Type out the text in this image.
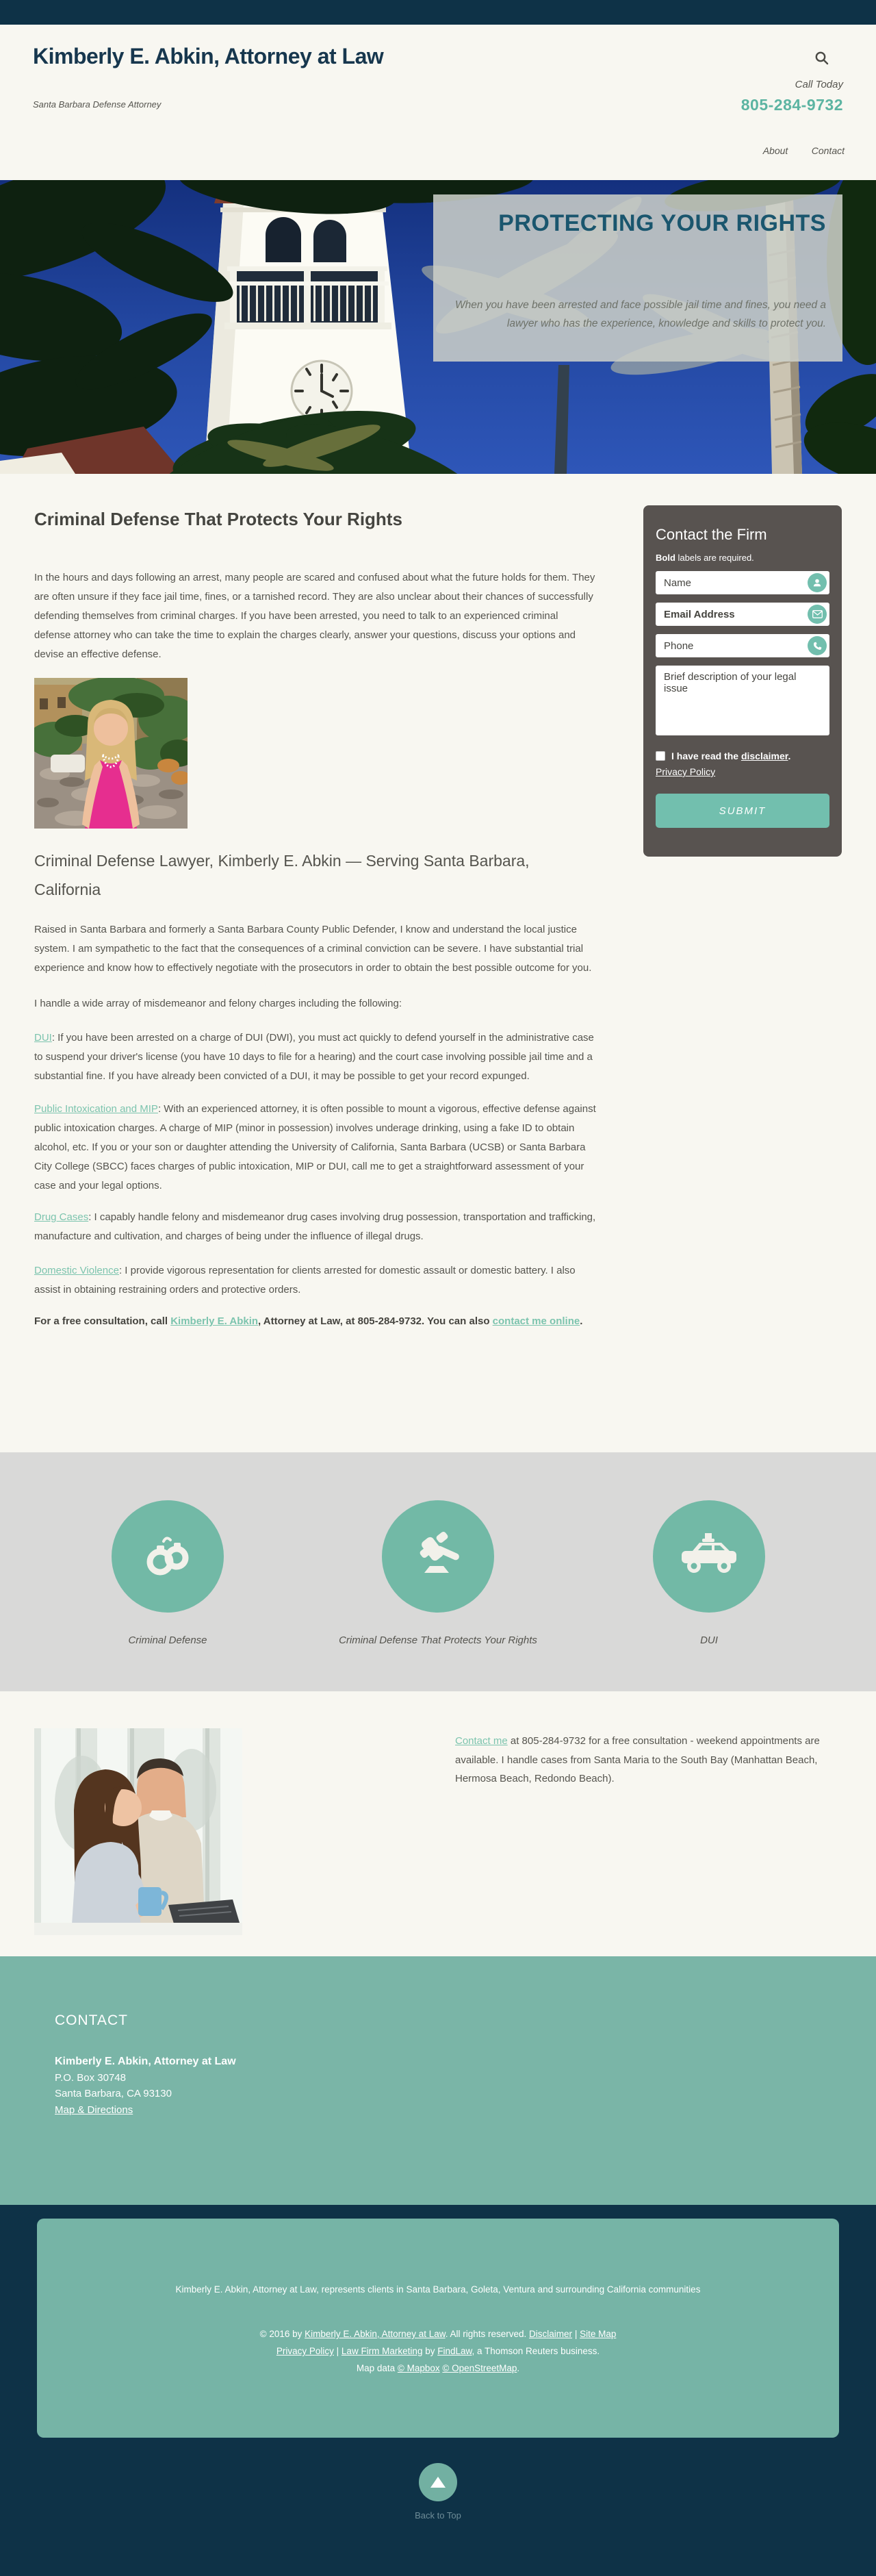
Kimberly E. Abkin, Attorney at Law
Santa Barbara Defense Attorney
Call Today
805-284-9732
About Contact
PROTECTING YOUR RIGHTS
When you have been arrested and face possible jail time and fines, you need a lawyer who has the experience, knowledge and skills to protect you.
Criminal Defense That Protects Your Rights

In the hours and days following an arrest, many people are scared and confused about what the future holds for them. They are often unsure if they face jail time, fines, or a tarnished record. They are also unclear about their chances of successfully defending themselves from criminal charges. If you have been arrested, you need to talk to an experienced criminal defense attorney who can take the time to explain the charges clearly, answer your questions, discuss your options and devise an effective defense.

Criminal Defense Lawyer, Kimberly E. Abkin — Serving Santa Barbara, California

Raised in Santa Barbara and formerly a Santa Barbara County Public Defender, I know and understand the local justice system. I am sympathetic to the fact that the consequences of a criminal conviction can be severe. I have substantial trial experience and know how to effectively negotiate with the prosecutors in order to obtain the best possible outcome for you.

I handle a wide array of misdemeanor and felony charges including the following:

DUI: If you have been arrested on a charge of DUI (DWI), you must act quickly to defend yourself in the administrative case to suspend your driver's license (you have 10 days to file for a hearing) and the court case involving possible jail time and a substantial fine. If you have already been convicted of a DUI, it may be possible to get your record expunged.

Public Intoxication and MIP: With an experienced attorney, it is often possible to mount a vigorous, effective defense against public intoxication charges. A charge of MIP (minor in possession) involves underage drinking, using a fake ID to obtain alcohol, etc. If you or your son or daughter attending the University of California, Santa Barbara (UCSB) or Santa Barbara City College (SBCC) faces charges of public intoxication, MIP or DUI, call me to get a straightforward assessment of your case and your legal options.

Drug Cases: I capably handle felony and misdemeanor drug cases involving drug possession, transportation and trafficking, manufacture and cultivation, and charges of being under the influence of illegal drugs.

Domestic Violence: I provide vigorous representation for clients arrested for domestic assault or domestic battery. I also assist in obtaining restraining orders and protective orders.

For a free consultation, call Kimberly E. Abkin, Attorney at Law, at 805-284-9732. You can also contact me online.

Contact the Firm

Bold labels are required.

Name
Email Address
Phone
Brief description of your legal issue
I have read the disclaimer.
Privacy Policy
SUBMIT
Criminal Defense	Criminal Defense That Protects Your Rights	DUI

Contact me at 805-284-9732 for a free consultation - weekend appointments are available. I handle cases from Santa Maria to the South Bay (Manhattan Beach, Hermosa Beach, Redondo Beach).

CONTACT
Kimberly E. Abkin, Attorney at Law
P.O. Box 30748
Santa Barbara, CA 93130
Map & Directions

Kimberly E. Abkin, Attorney at Law, represents clients in Santa Barbara, Goleta, Ventura and surrounding California communities

© 2016 by Kimberly E. Abkin, Attorney at Law. All rights reserved. Disclaimer | Site Map
Privacy Policy | Law Firm Marketing by FindLaw, a Thomson Reuters business.
Map data © Mapbox © OpenStreetMap.
Back to Top
